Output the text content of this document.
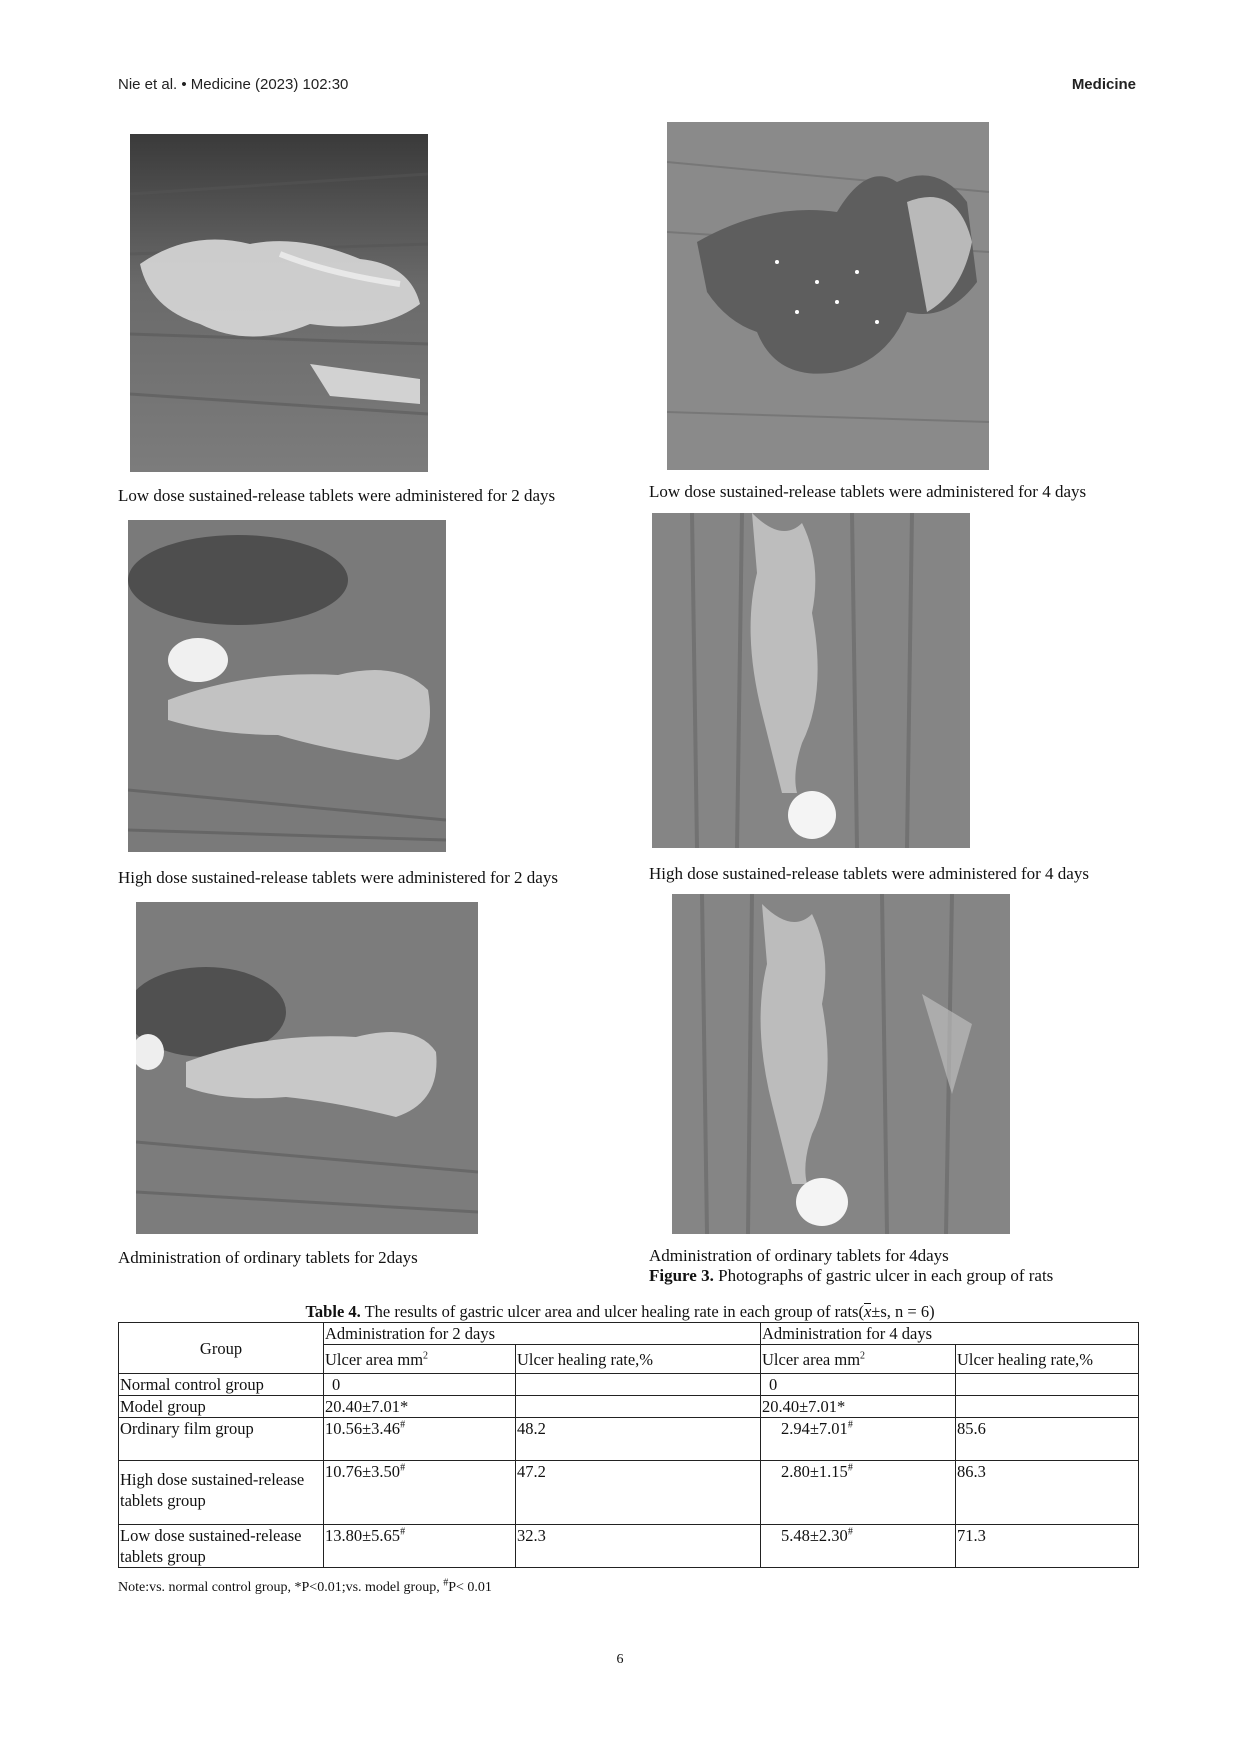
Nie et al. • Medicine (2023) 102:30	Medicine
Low dose sustained-release tablets were administered for 2 days	Low dose sustained-release tablets were administered for 4 days
High dose sustained-release tablets were administered for 2 days	High dose sustained-release tablets were administered for 4 days
Administration of ordinary tablets for 2days	Administration of ordinary tablets for 4days
Figure 3. Photographs of gastric ulcer in each group of rats
Table 4. The results of gastric ulcer area and ulcer healing rate in each group of rats(x±s, n = 6)
Group	Administration for 2 days		Administration for 4 days	
	Ulcer area $mm^2$	Ulcer healing rate,%	Ulcer area $mm^2$	Ulcer healing rate,%
Normal control group	0		0	
Model group	20.40±7.01*		20.40±7.01*	
Ordinary film group	10.56±3.46#	48.2	2.94±7.01#	85.6
High dose sustained-release tablets group	10.76±3.50#	47.2	2.80±1.15#	86.3
Low dose sustained-release tablets group	13.80±5.65#	32.3	5.48±2.30#	71.3
Note:vs. normal control group, *P<0.01;vs. model group, #P< 0.01
6
